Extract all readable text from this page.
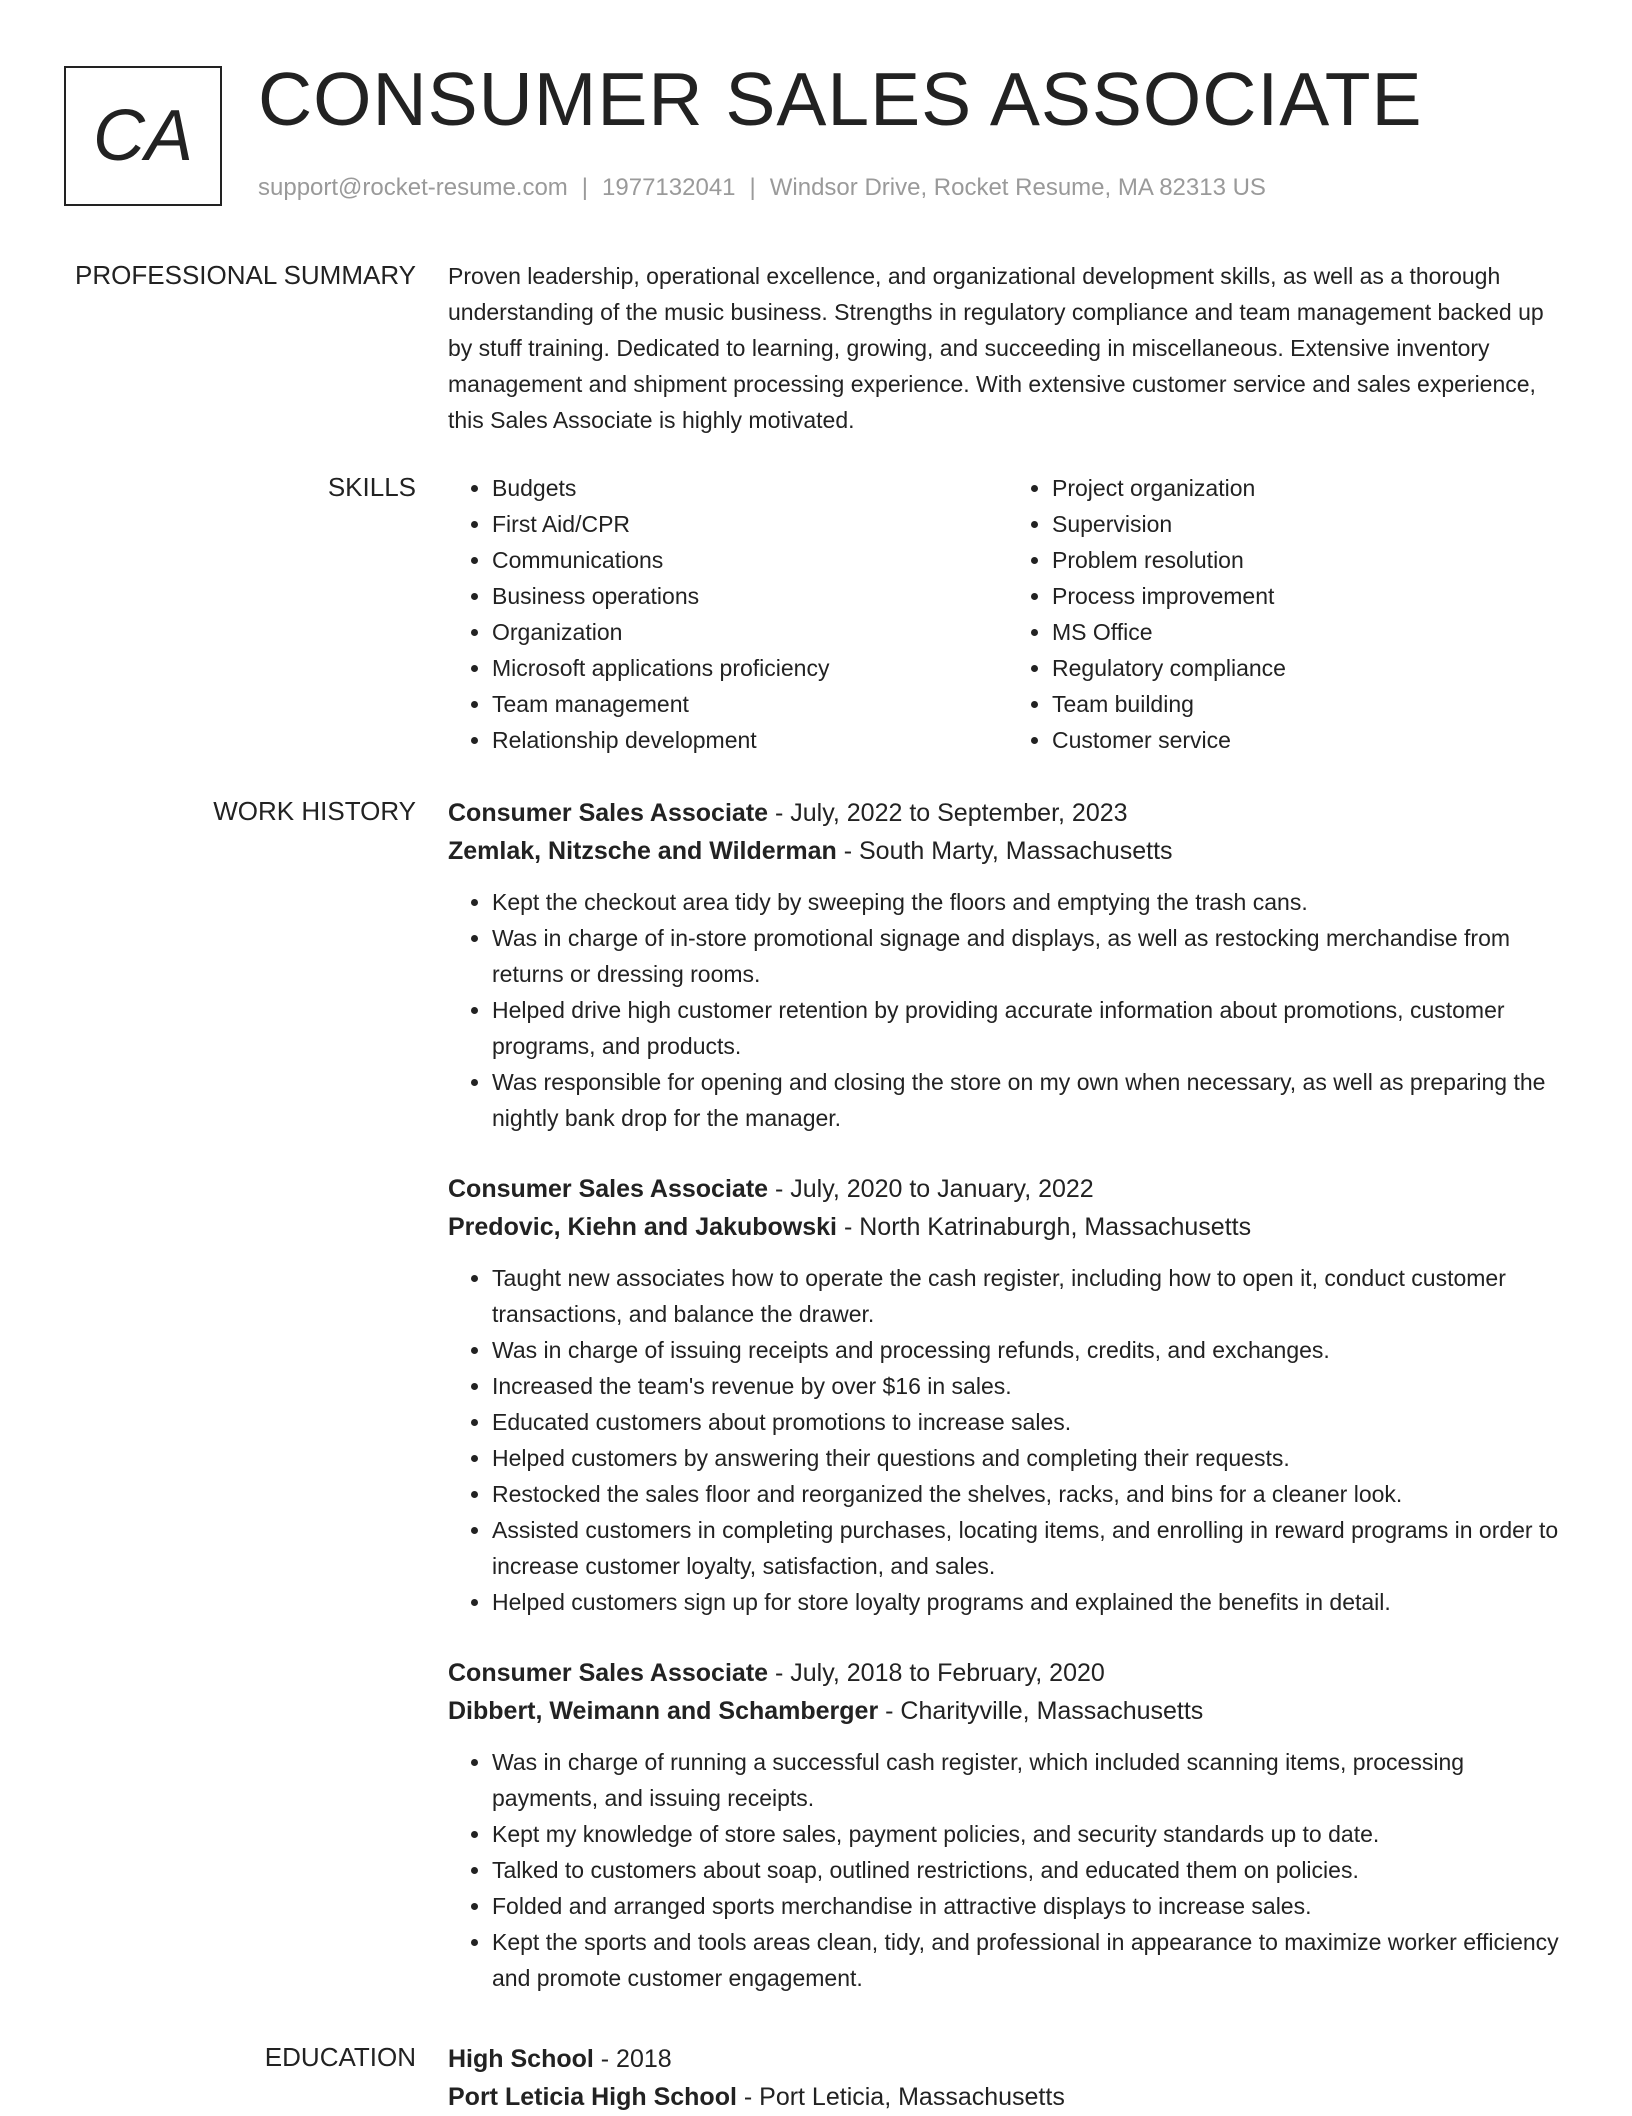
CA CONSUMER SALES ASSOCIATE
support@rocket-resume.com | 1977132041 | Windsor Drive, Rocket Resume, MA 82313 US
PROFESSIONAL SUMMARY Proven leadership, operational excellence, and organizational development skills, as well as a thorough understanding of the music business. Strengths in regulatory compliance and team management backed up by stuff training. Dedicated to learning, growing, and succeeding in miscellaneous. Extensive inventory management and shipment processing experience. With extensive customer service and sales experience, this Sales Associate is highly motivated.
SKILLS
•	Budgets
• First Aid/CPR
• Communications
• Business operations
• Organization
• Microsoft applications proficiency
• Team management
• Relationship development
• Project organization
• Supervision
• Problem resolution
• Process improvement
• MS Office
• Regulatory compliance
• Team building
• Customer service
WORK HISTORY Consumer Sales Associate - July, 2022 to September, 2023
Zemlak, Nitzsche and Wilderman - South Marty, Massachusetts
• Kept the checkout area tidy by sweeping the floors and emptying the trash cans.
• Was in charge of in-store promotional signage and displays, as well as restocking merchandise from returns or dressing rooms.
• Helped drive high customer retention by providing accurate information about promotions, customer programs, and products.
• Was responsible for opening and closing the store on my own when necessary, as well as preparing the nightly bank drop for the manager.
Consumer Sales Associate - July, 2020 to January, 2022
Predovic, Kiehn and Jakubowski - North Katrinaburgh, Massachusetts
• Taught new associates how to operate the cash register, including how to open it, conduct customer transactions, and balance the drawer.
• Was in charge of issuing receipts and processing refunds, credits, and exchanges.
• Increased the team's revenue by over $16 in sales.
• Educated customers about promotions to increase sales.
• Helped customers by answering their questions and completing their requests.
• Restocked the sales floor and reorganized the shelves, racks, and bins for a cleaner look.
• Assisted customers in completing purchases, locating items, and enrolling in reward programs in order to increase customer loyalty, satisfaction, and sales.
• Helped customers sign up for store loyalty programs and explained the benefits in detail.
Consumer Sales Associate - July, 2018 to February, 2020
Dibbert, Weimann and Schamberger - Charityville, Massachusetts
• Was in charge of running a successful cash register, which included scanning items, processing payments, and issuing receipts.
• Kept my knowledge of store sales, payment policies, and security standards up to date.
• Talked to customers about soap, outlined restrictions, and educated them on policies.
• Folded and arranged sports merchandise in attractive displays to increase sales.
• Kept the sports and tools areas clean, tidy, and professional in appearance to maximize worker efficiency and promote customer engagement.
EDUCATION High School - 2018
Port Leticia High School - Port Leticia, Massachusetts
